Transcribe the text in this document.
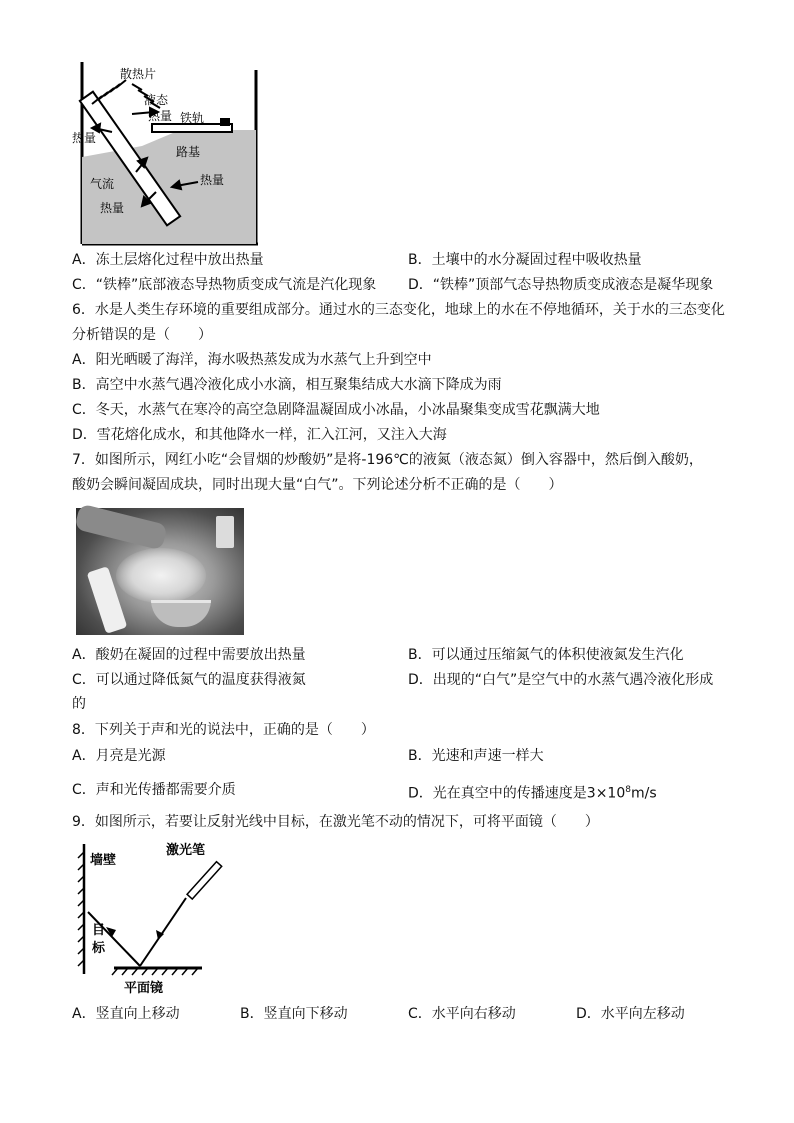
散热片
液态
热量 铁轨
热量
路基
气流	热量
热量
A．冻土层熔化过程中放出热量	B．土壤中的水分凝固过程中吸收热量
C．“铁棒”底部液态导热物质变成气流是汽化现象 D．“铁棒”顶部气态导热物质变成液态是凝华现象
6．水是人类生存环境的重要组成部分。通过水的三态变化，地球上的水在不停地循环，关于水的三态变化
分析错误的是（　　）
A．阳光晒暖了海洋，海水吸热蒸发成为水蒸气上升到空中
B．高空中水蒸气遇冷液化成小水滴，相互聚集结成大水滴下降成为雨
C．冬天，水蒸气在寒冷的高空急剧降温凝固成小冰晶，小冰晶聚集变成雪花飘满大地
D．雪花熔化成水，和其他降水一样，汇入江河，又注入大海
7．如图所示，网红小吃“会冒烟的炒酸奶”是将-196℃的液氮（液态氮）倒入容器中，然后倒入酸奶，
酸奶会瞬间凝固成块，同时出现大量“白气”。下列论述分析不正确的是（　　）
A．酸奶在凝固的过程中需要放出热量	B．可以通过压缩氮气的体积使液氮发生汽化
C．可以通过降低氮气的温度获得液氮	D．出现的“白气”是空气中的水蒸气遇冷液化形成
的
8．下列关于声和光的说法中，正确的是（　　）
A．月亮是光源	B．光速和声速一样大
C．声和光传播都需要介质	D．光在真空中的传播速度是$3\times 10^8m/s$
9．如图所示，若要让反射光线中目标，在激光笔不动的情况下，可将平面镜（　　）
墙壁
激光笔
目
标
平面镜
A．竖直向上移动	B．竖直向下移动	C．水平向右移动	D．水平向左移动
